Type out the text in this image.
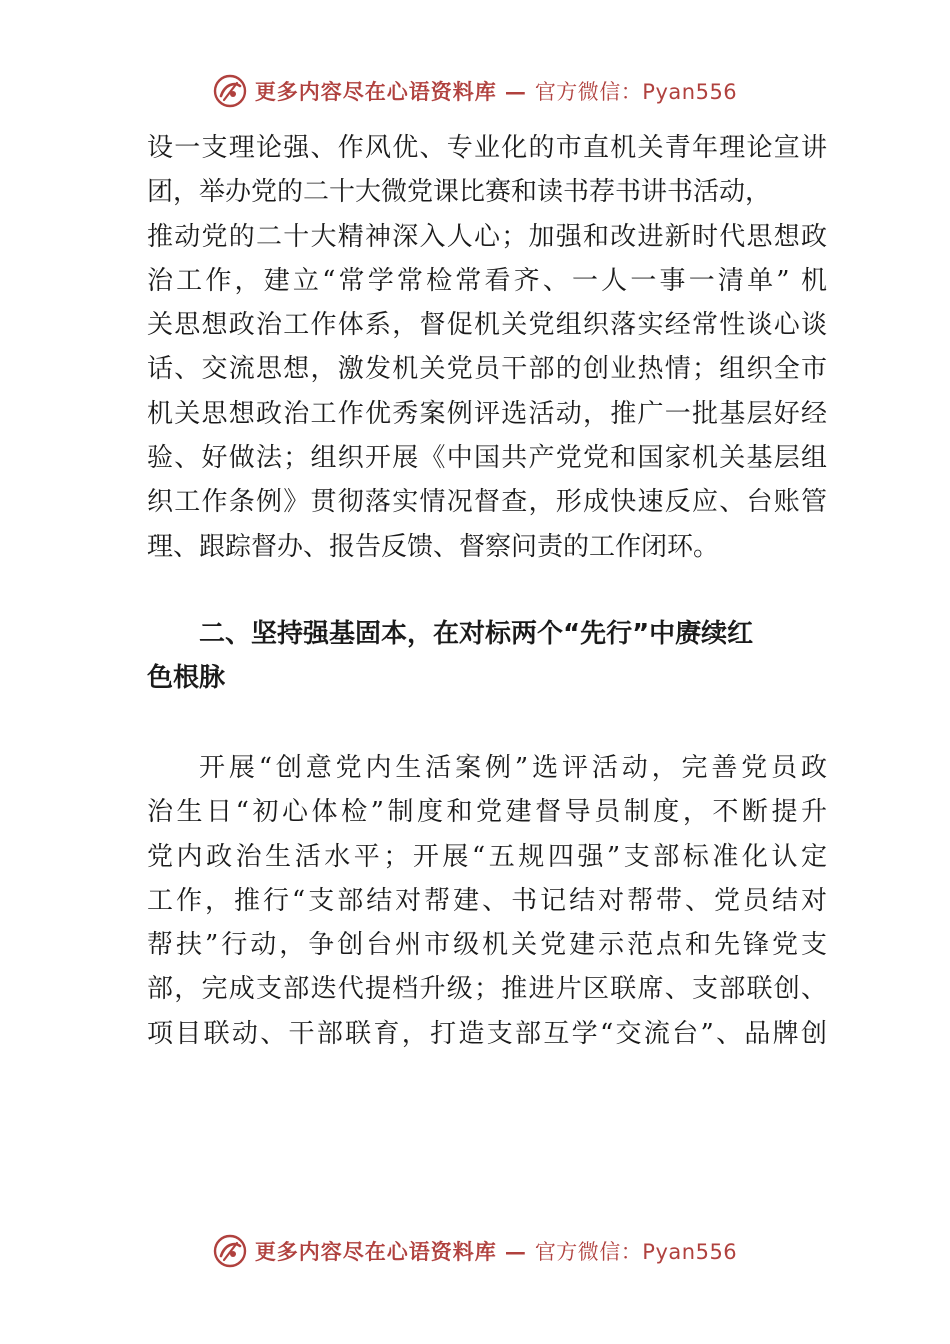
更多内容尽在心语资料库 — 官方微信：Pyan556
设一支理论强、作风优、专业化的市直机关青年理论宣讲
团，举办党的二十大微党课比赛和读书荐书讲书活动，
推动党的二十大精神深入人心；加强和改进新时代思想政
治工作，建立“常学常检常看齐、一人一事一清单” 机
关思想政治工作体系，督促机关党组织落实经常性谈心谈
话、交流思想，激发机关党员干部的创业热情；组织全市
机关思想政治工作优秀案例评选活动，推广一批基层好经
验、好做法；组织开展《中国共产党党和国家机关基层组
织工作条例》贯彻落实情况督查，形成快速反应、台账管
理、跟踪督办、报告反馈、督察问责的工作闭环。
二、坚持强基固本，在对标两个“先行”中赓续红
色根脉
开展“创意党内生活案例”选评活动，完善党员政
治生日“初心体检”制度和党建督导员制度，不断提升
党内政治生活水平；开展“五规四强”支部标准化认定
工作，推行“支部结对帮建、书记结对帮带、党员结对
帮扶”行动，争创台州市级机关党建示范点和先锋党支
部，完成支部迭代提档升级；推进片区联席、支部联创、
项目联动、干部联育，打造支部互学“交流台”、品牌创
更多内容尽在心语资料库 — 官方微信：Pyan556
